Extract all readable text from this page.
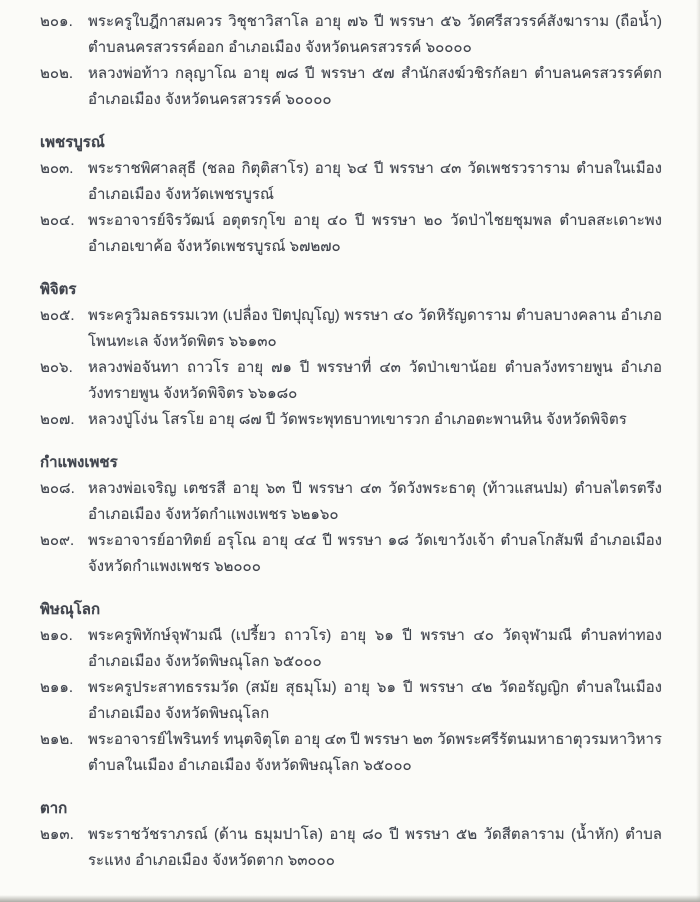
๒๐๑.	พระครูใบฎีกาสมควร วิชุชาวิสาโล อายุ ๗๖ ปี พรรษา ๕๖ วัดศรีสวรรค์สังฆาราม (ถือน้ำ) ตำบลนครสวรรค์ออก อำเภอเมือง จังหวัดนครสวรรค์ ๖๐๐๐๐
๒๐๒. หลวงพ่อท้าว กลุญาโณ อายุ ๗๘ ปี พรรษา ๕๗ สำนักสงฆ์วชิรกัลยา ตำบลนครสวรรค์ตก อำเภอเมือง จังหวัดนครสวรรค์ ๖๐๐๐๐
เพชรบูรณ์
๒๐๓. พระราชพิศาลสุธี (ชลอ กิตุติสาโร) อายุ ๖๔ ปี พรรษา ๔๓ วัดเพชรวราราม ตำบลในเมือง อำเภอเมือง จังหวัดเพชรบูรณ์
๒๐๔. พระอาจารย์จิรวัฒน์ อตุตรกุโข อายุ ๔๐ ปี พรรษา ๒๐ วัดป่าไชยชุมพล ตำบลสะเดาะพง อำเภอเขาค้อ จังหวัดเพชรบูรณ์ ๖๗๒๗๐
พิจิตร
๒๐๕. พระครูวิมลธรรมเวท (เปลื่อง ปิตปุญุโญ) พรรษา ๔๐ วัดหิรัญดาราม ตำบลบางคลาน อำเภอโพนทะเล จังหวัดพิตร ๖๖๑๓๐
๒๐๖.	หลวงพ่อจันทา ถาวโร อายุ ๗๑ ปี พรรษาที่ ๔๓ วัดป่าเขาน้อย ตำบลวังทรายพูน อำเภอวังทรายพูน จังหวัดพิจิตร ๖๖๑๘๐
๒๐๗. หลวงปู่โง่น โสรโย อายุ ๘๗ ปี วัดพระพุทธบาทเขารวก อำเภอตะพานหิน จังหวัดพิจิตร
กำแพงเพชร
๒๐๘. หลวงพ่อเจริญ เตชรสี อายุ ๖๓ ปี พรรษา ๔๓ วัดวังพระธาตุ (ท้าวแสนปม) ตำบลไตรตรึง อำเภอเมือง จังหวัดกำแพงเพชร ๖๒๑๖๐
๒๐๙. พระอาจารย์อาทิตย์ อรุโณ อายุ ๔๔ ปี พรรษา ๑๘ วัดเขาวังเจ้า ตำบลโกสัมพี อำเภอเมือง จังหวัดกำแพงเพชร ๖๒๐๐๐
พิษณุโลก
๒๑๐.	พระครูพิทักษ์จุฬามณี (เปรี้ยว ถาวโร) อายุ ๖๑ ปี พรรษา ๔๐ วัดจุฬามณี ตำบลท่าทอง อำเภอเมือง จังหวัดพิษณุโลก ๖๕๐๐๐
๒๑๑. พระครูประสาทธรรมวัด (สมัย สุธมุโม) อายุ ๖๑ ปี พรรษา ๔๒ วัดอรัญญิก ตำบลในเมือง อำเภอเมือง จังหวัดพิษณุโลก
๒๑๒. พระอาจารย์ไพรินทร์ ทนุตจิตุโต อายุ ๔๓ ปี พรรษา ๒๓ วัดพระศรีรัตนมหาธาตุวรมหาวิหาร ตำบลในเมือง อำเภอเมือง จังหวัดพิษณุโลก ๖๕๐๐๐
ตาก
๒๑๓. พระราชวัชราภรณ์ (ด้าน ธมุมปาโล) อายุ ๘๐ ปี พรรษา ๕๒ วัดสีตลาราม (น้ำหัก) ตำบลระแหง อำเภอเมือง จังหวัดตาก ๖๓๐๐๐
